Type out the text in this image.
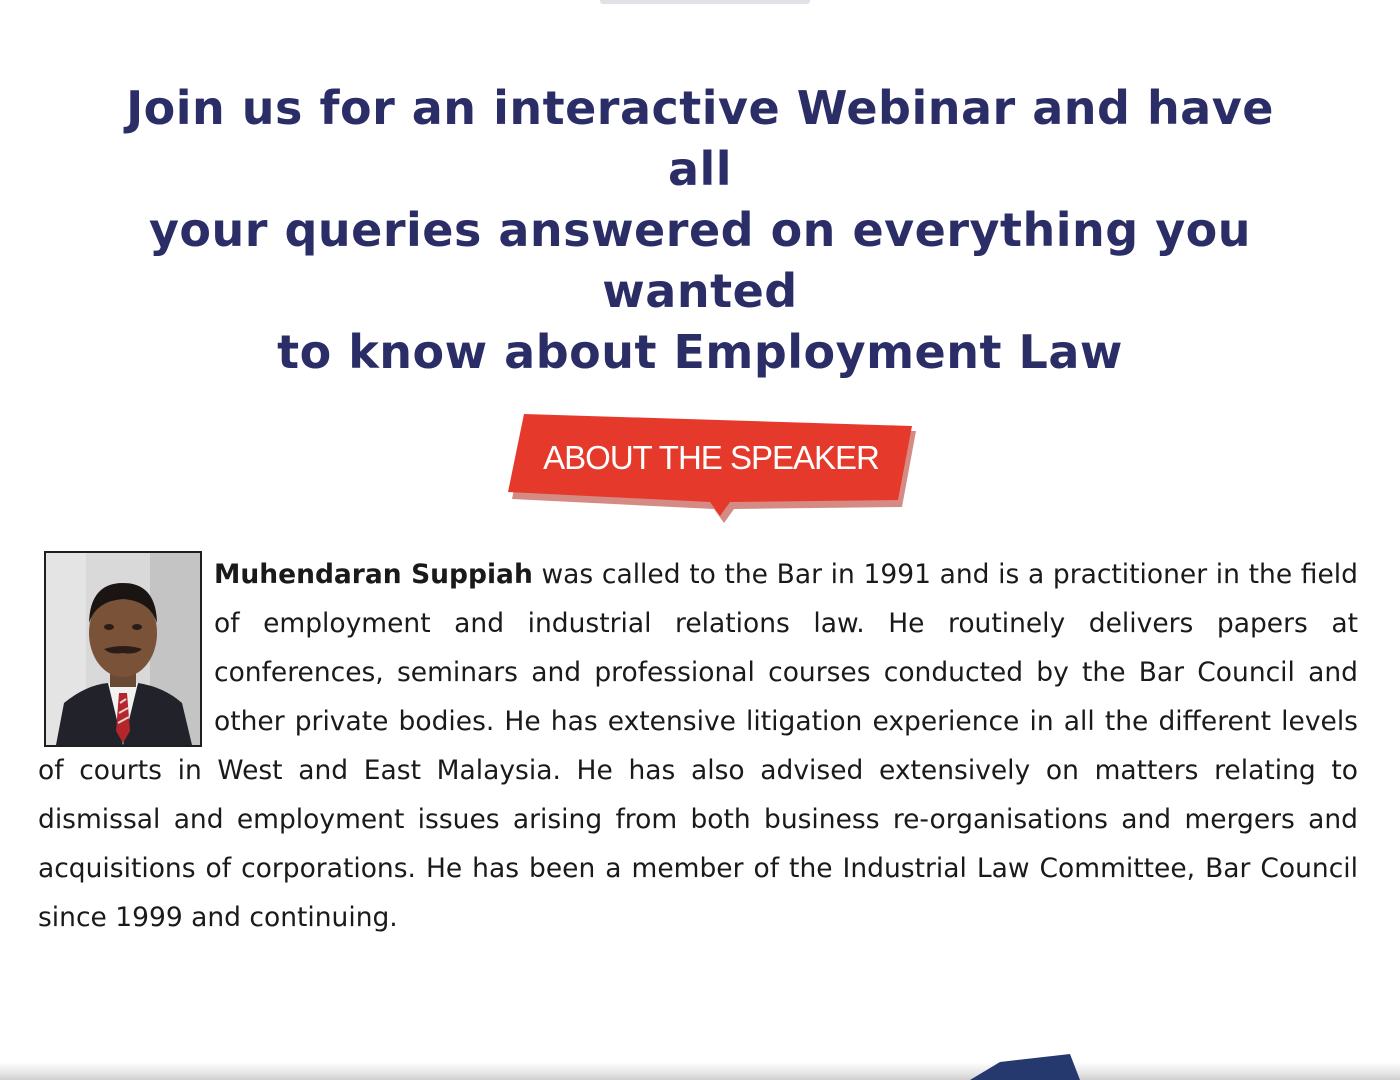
Join us for an interactive Webinar and have all
your queries answered on everything you wanted
to know about Employment Law
ABOUT THE SPEAKER

Muhendaran Suppiah was called to the Bar in 1991 and is a practitioner in the field of employment and industrial relations law. He routinely delivers papers at conferences, seminars and professional courses conducted by the Bar Council and other private bodies. He has extensive litigation experience in all the different levels of courts in West and East Malaysia. He has also advised extensively on matters relating to dismissal and employment issues arising from both business re-organisations and mergers and acquisitions of corporations. He has been a member of the Industrial Law Committee, Bar Council since 1999 and continuing.
